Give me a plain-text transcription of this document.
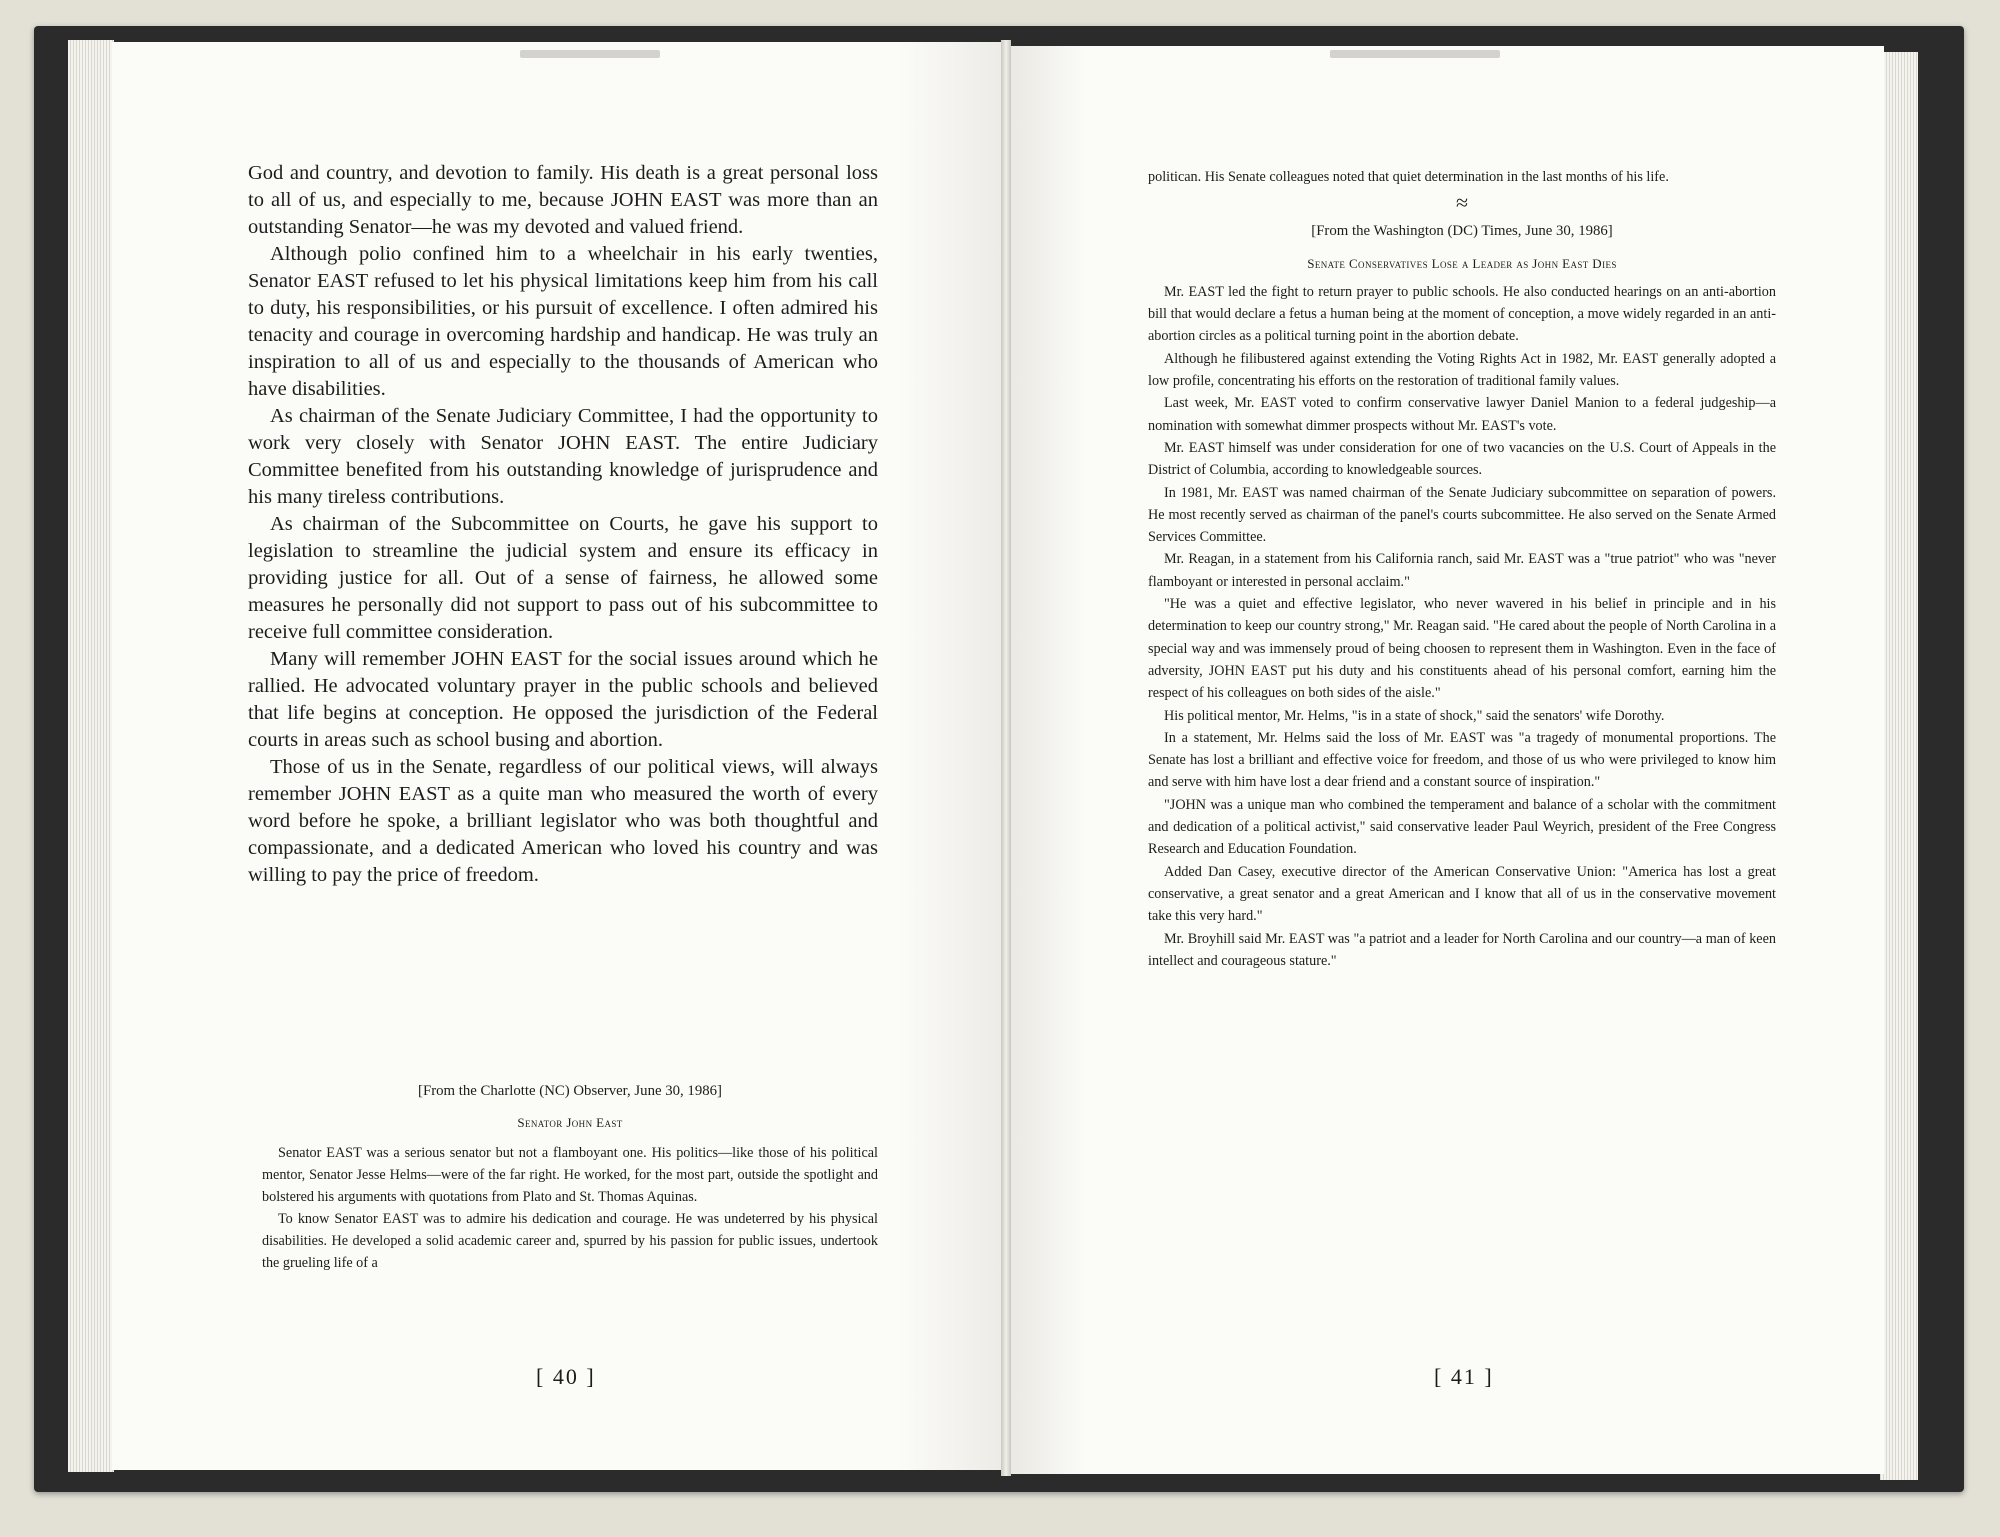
God and country, and devotion to family. His death is a great personal loss to all of us, and especially to me, because JOHN EAST was more than an outstanding Senator—he was my devoted and valued friend.

Although polio confined him to a wheelchair in his early twenties, Senator EAST refused to let his physical limitations keep him from his call to duty, his responsibilities, or his pursuit of excellence. I often admired his tenacity and courage in overcoming hardship and handicap. He was truly an inspiration to all of us and especially to the thousands of American who have disabilities.

As chairman of the Senate Judiciary Committee, I had the opportunity to work very closely with Senator JOHN EAST. The entire Judiciary Committee benefited from his outstanding knowledge of jurisprudence and his many tireless contributions.

As chairman of the Subcommittee on Courts, he gave his support to legislation to streamline the judicial system and ensure its efficacy in providing justice for all. Out of a sense of fairness, he allowed some measures he personally did not support to pass out of his subcommittee to receive full committee consideration.

Many will remember JOHN EAST for the social issues around which he rallied. He advocated voluntary prayer in the public schools and believed that life begins at conception. He opposed the jurisdiction of the Federal courts in areas such as school busing and abortion.

Those of us in the Senate, regardless of our political views, will always remember JOHN EAST as a quite man who measured the worth of every word before he spoke, a brilliant legislator who was both thoughtful and compassionate, and a dedicated American who loved his country and was willing to pay the price of freedom.

[From the Charlotte (NC) Observer, June 30, 1986]

Senator John East

Senator EAST was a serious senator but not a flamboyant one. His politics—like those of his political mentor, Senator Jesse Helms—were of the far right. He worked, for the most part, outside the spotlight and bolstered his arguments with quotations from Plato and St. Thomas Aquinas.

To know Senator EAST was to admire his dedication and courage. He was undeterred by his physical disabilities. He developed a solid academic career and, spurred by his passion for public issues, undertook the grueling life of a

[ 40 ]

politican. His Senate colleagues noted that quiet determination in the last months of his life.

≈

[From the Washington (DC) Times, June 30, 1986]

Senate Conservatives Lose a Leader as John East Dies

Mr. EAST led the fight to return prayer to public schools. He also conducted hearings on an anti-abortion bill that would declare a fetus a human being at the moment of conception, a move widely regarded in an anti-abortion circles as a political turning point in the abortion debate.

Although he filibustered against extending the Voting Rights Act in 1982, Mr. EAST generally adopted a low profile, concentrating his efforts on the restoration of traditional family values.

Last week, Mr. EAST voted to confirm conservative lawyer Daniel Manion to a federal judgeship—a nomination with somewhat dimmer prospects without Mr. EAST's vote.

Mr. EAST himself was under consideration for one of two vacancies on the U.S. Court of Appeals in the District of Columbia, according to knowledgeable sources.

In 1981, Mr. EAST was named chairman of the Senate Judiciary subcommittee on separation of powers. He most recently served as chairman of the panel's courts subcommittee. He also served on the Senate Armed Services Committee.

Mr. Reagan, in a statement from his California ranch, said Mr. EAST was a "true patriot" who was "never flamboyant or interested in personal acclaim."

"He was a quiet and effective legislator, who never wavered in his belief in principle and in his determination to keep our country strong," Mr. Reagan said. "He cared about the people of North Carolina in a special way and was immensely proud of being choosen to represent them in Washington. Even in the face of adversity, JOHN EAST put his duty and his constituents ahead of his personal comfort, earning him the respect of his colleagues on both sides of the aisle."

His political mentor, Mr. Helms, "is in a state of shock," said the senators' wife Dorothy.

In a statement, Mr. Helms said the loss of Mr. EAST was "a tragedy of monumental proportions. The Senate has lost a brilliant and effective voice for freedom, and those of us who were privileged to know him and serve with him have lost a dear friend and a constant source of inspiration."

"JOHN was a unique man who combined the temperament and balance of a scholar with the commitment and dedication of a political activist," said conservative leader Paul Weyrich, president of the Free Congress Research and Education Foundation.

Added Dan Casey, executive director of the American Conservative Union: "America has lost a great conservative, a great senator and a great American and I know that all of us in the conservative movement take this very hard."

Mr. Broyhill said Mr. EAST was "a patriot and a leader for North Carolina and our country—a man of keen intellect and courageous stature."

[ 41 ]
